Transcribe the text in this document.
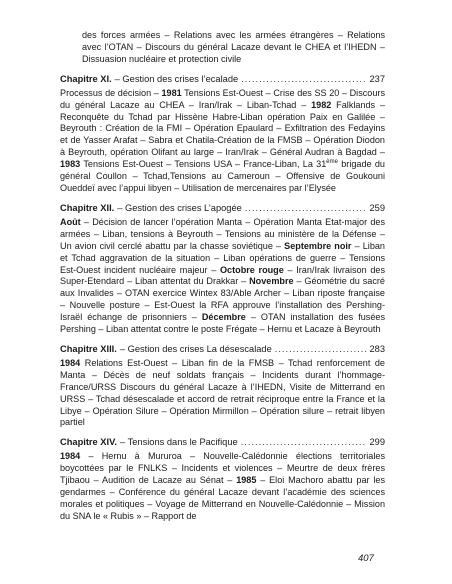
des forces armées – Relations avec les armées étrangères – Relations avec l’OTAN – Discours du général Lacaze devant le CHEA et l’IHEDN – Dissuasion nucléaire et protection civile

Chapitre XI. – Gestion des crises l’ecalade .....	237

Processus de décision – 1981 Tensions Est-Ouest – Crise des SS 20 – Discours du général Lacaze au CHEA – Iran/Irak – Liban-Tchad – 1982 Falklands – Reconquête du Tchad par Hissène Habre-Liban opération Paix en Galilée – Beyrouth : Création de la FMI – Opération Epaulard – Exfiltration des Fedayins et de Yasser Arafat – Sabra et Chatila-Création de la FMSB – Opération Diodon à Beyrouth, opération Olifant au large – Iran/Irak – Général Audran à Bagdad – 1983 Tensions Est-Ouest – Tensions USA – France-Liban, La 31ème brigade du général Coullon – Tchad,Tensions au Cameroun – Offensive de Goukouni Oueddeï avec l’appui libyen – Utilisation de mercenaires par l’Elysée

Chapitre XII. – Gestion des crises L’apogée .....	259

Août – Décision de lancer l’opération Manta – Opération Manta Etat-major des armées – Liban, tensions à Beyrouth – Tensions au ministère de la Défense – Un avion civil cerclé abattu par la chasse soviétique – Septembre noir – Liban et Tchad aggravation de la situation – Liban opérations de guerre – Tensions Est-Ouest incident nucléaire majeur – Octobre rouge – Iran/Irak livraison des Super-Etendard – Liban attentat du Drakkar – Novembre – Géométrie du sacré aux Invalides – OTAN exercice Wintex 83/Able Archer – Liban riposte française – Nouvelle posture – Est-Ouest la RFA approuve l’installation des Pershing- Israël échange de prisonniers – Décembre – OTAN installation des fusées Pershing – Liban attentat contre le poste Frégate – Hernu et Lacaze à Beyrouth

Chapitre XIII. – Gestion des crises La désescalade .....	283

1984 Relations Est-Ouest – Liban fin de la FMSB – Tchad renforcement de Manta – Décès de neuf soldats français – Incidents durant l’hommage-France/URSS Discours du général Lacaze à l’IHEDN, Visite de Mitterrand en URSS – Tchad désescalade et accord de retrait réciproque entre la France et la Libye – Opération Silure – Opération Mirmillon – Opération silure – retrait libyen partiel

Chapitre XIV. – Tensions dans le Pacifique .....	299

1984 – Hernu à Mururoa – Nouvelle-Calédonnie élections territoriales boycottées par le FNLKS – Incidents et violences – Meurtre de deux frères Tjibaou – Audition de Lacaze au Sénat – 1985 – Eloi Machoro abattu par les gendarmes – Conférence du général Lacaze devant l’académie des sciences morales et politiques – Voyage de Mitterrand en Nouvelle-Calédonnie – Mission du SNA le « Rubis » – Rapport de

407
